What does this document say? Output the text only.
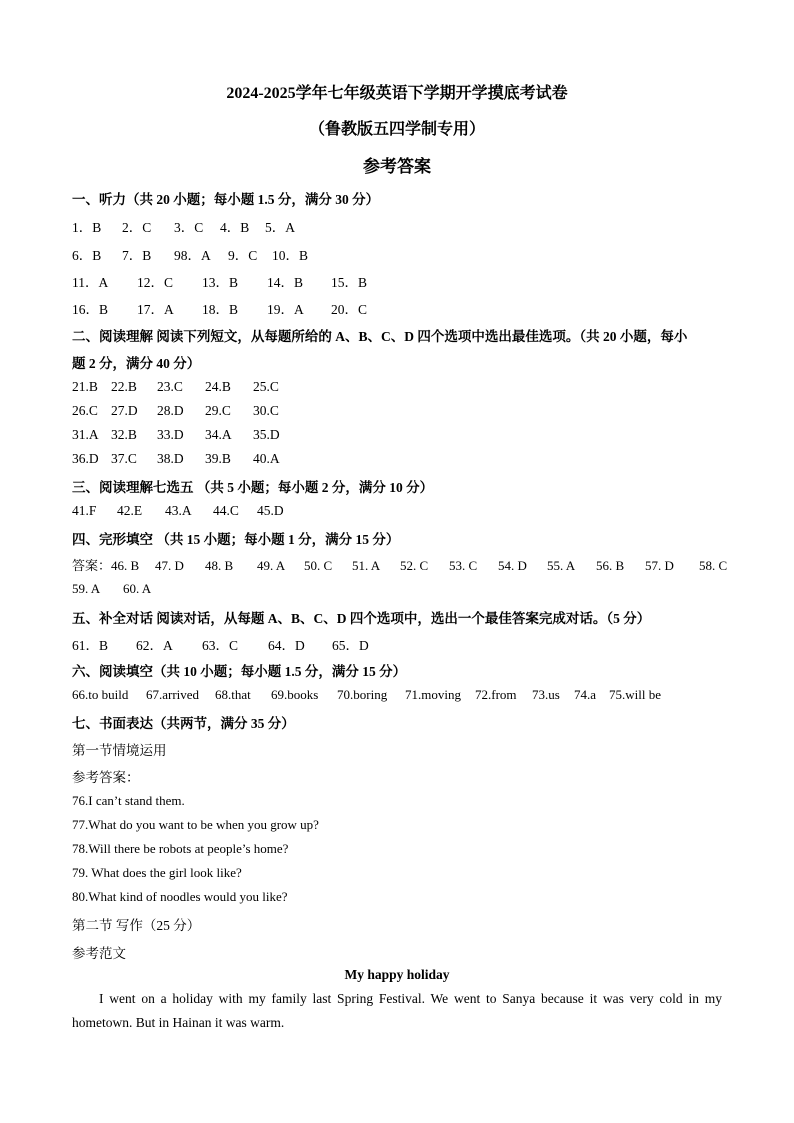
2024-2025学年七年级英语下学期开学摸底考试卷
（鲁教版五四学制专用）
参考答案
一、听力（共 20 小题；每小题 1.5 分，满分 30 分）
1．B 2．C 3．C 4．B 5．A
6．B 7．B 98．A 9．C 10．B
11．A 12．C 13．B 14．B 15．B
16．B 17．A 18．B 19．A 20．C
二、阅读理解 阅读下列短文，从每题所给的 A、B、C、D 四个选项中选出最佳选项。（共 20 小题，每小
题 2 分，满分 40 分）
21.B 22.B 23.C 24.B 25.C
26.C 27.D 28.D 29.C 30.C
31.A 32.B 33.D 34.A 35.D
36.D 37.C 38.D 39.B 40.A
三、阅读理解七选五 （共 5 小题；每小题 2 分，满分 10 分）
41.F 42.E 43.A 44.C 45.D
四、完形填空 （共 15 小题；每小题 1 分，满分 15 分）
答案：46. B 47. D 48. B 49. A 50. C 51. A 52. C 53. C 54. D 55. A 56. B 57. D 58. C
59. A 60. A
五、补全对话 阅读对话，从每题 A、B、C、D 四个选项中，选出一个最佳答案完成对话。（5 分）
61．B 62．A 63．C 64．D 65．D
六、阅读填空（共 10 小题；每小题 1.5 分，满分 15 分）
66.to build 67.arrived 68.that 69.books 70.boring 71.moving 72.from 73.us 74.a 75.will be
七、书面表达（共两节，满分 35 分）
第一节情境运用
参考答案：
76.I can’t stand them.
77.What do you want to be when you grow up?
78.Will there be robots at people’s home?
79. What does the girl look like?
80.What kind of noodles would you like?
第二节 写作（25 分）
参考范文
My happy holiday
I went on a holiday with my family last Spring Festival. We went to Sanya because it was very cold in my hometown. But in Hainan it was warm.
